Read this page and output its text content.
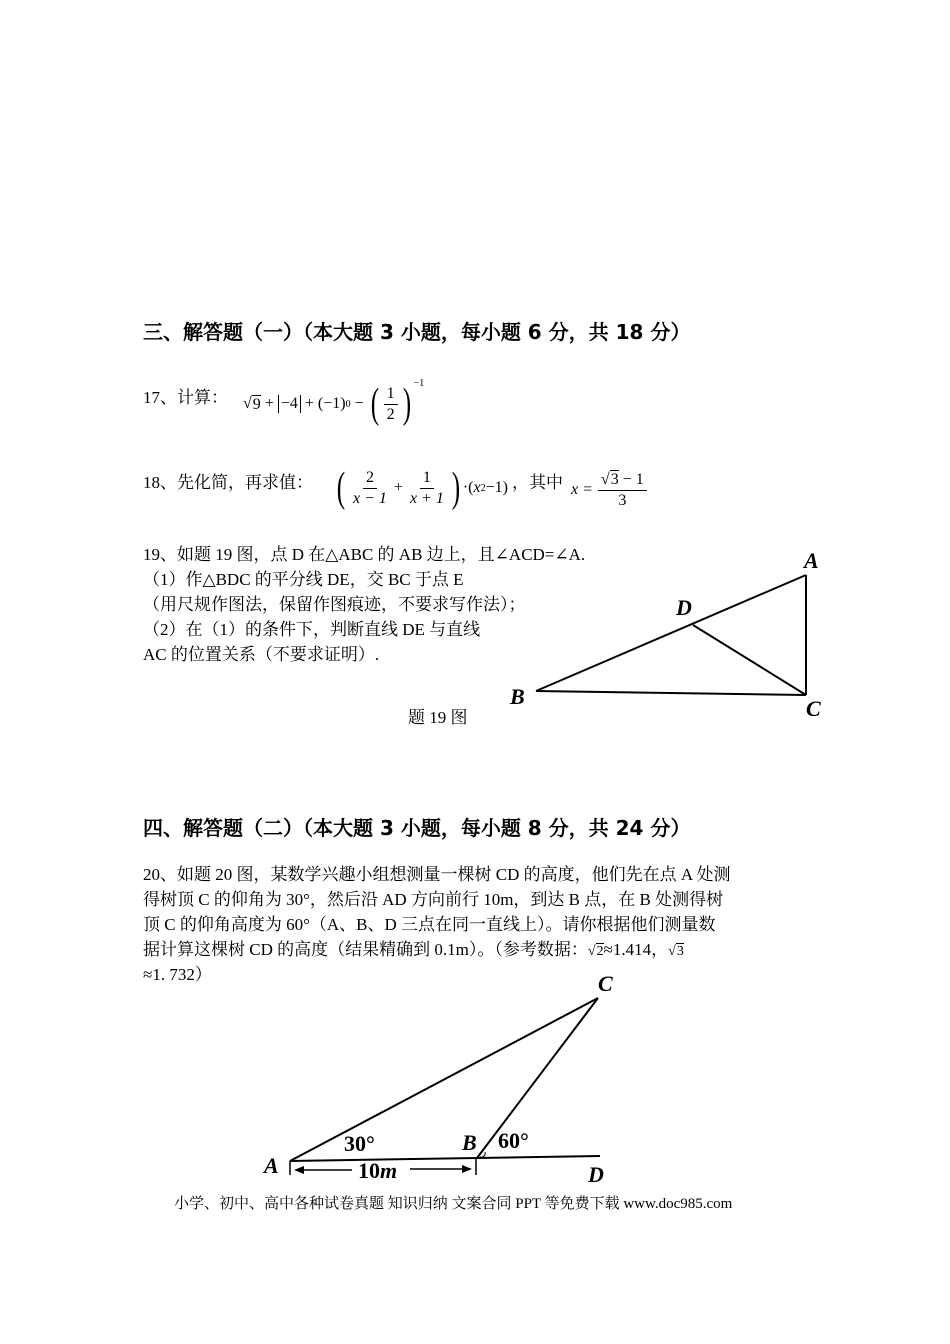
三、解答题（一）（本大题 3 小题，每小题 6 分，共 18 分）
17、计算： √ 9 + −4 + ( −1 ) 0 − ( $\frac{1}{2}$ ) −1
18、先化简，再求值： ( $\frac{2}{x - 1} + \frac{1}{x + 1}$ ) · ( x 2 −1 ) ，其中 $x = \frac{√3 - 1}{3}$
19、如题 19 图，点 D 在△ABC 的 AB 边上，且∠ACD=∠A.
（1）作△BDC 的平分线 DE，交 BC 于点 E
（用尺规作图法，保留作图痕迹，不要求写作法）；
（2）在（1）的条件下，判断直线 DE 与直线
AC 的位置关系（不要求证明）.
题 19 图
A
D
B	C
四、解答题（二）（本大题 3 小题，每小题 8 分，共 24 分）
20、如题 20 图，某数学兴趣小组想测量一棵树 CD 的高度，他们先在点 A 处测
得树顶 C 的仰角为 30°，然后沿 AD 方向前行 10m，到达 B 点，在 B 处测得树
顶 C 的仰角高度为 60°（A、B、D 三点在同一直线上）。请你根据他们测量数
据计算这棵树 CD 的高度（结果精确到 0.1m）。（参考数据：√2≈1.414，√3
≈1. 732）	C
A
B
D
30°	60°
10m
小学、初中、高中各种试卷真题 知识归纳 文案合同 PPT 等免费下载 www.doc985.com
